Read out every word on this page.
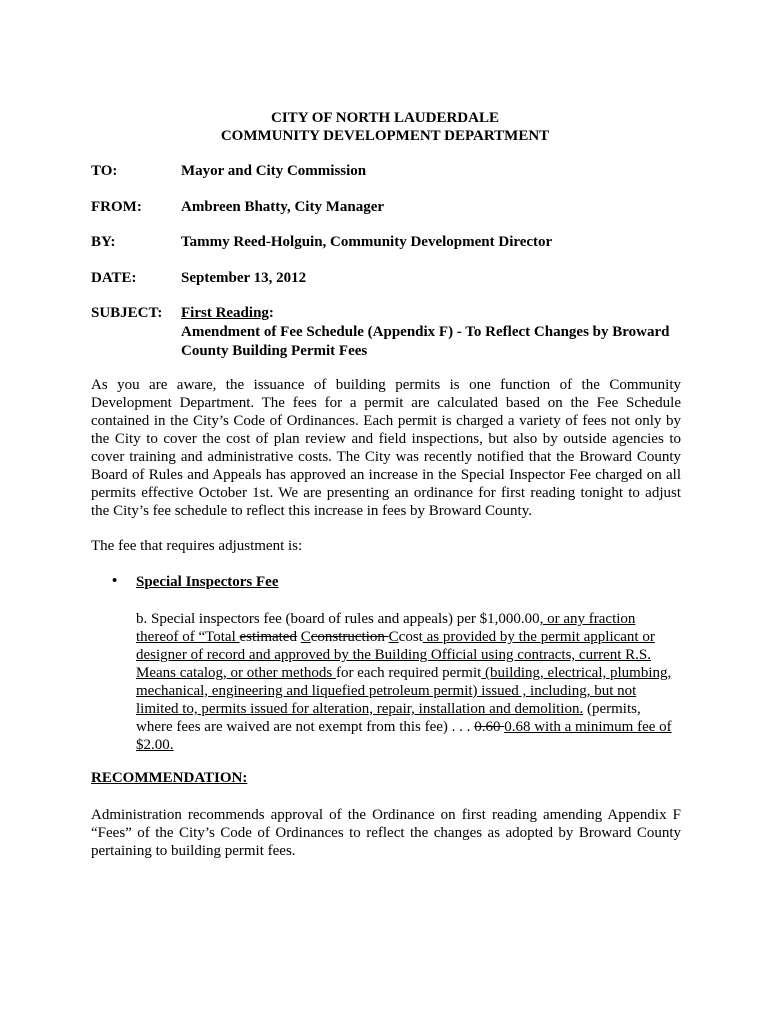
CITY OF NORTH LAUDERDALE
COMMUNITY DEVELOPMENT DEPARTMENT
TO:	Mayor and City Commission
FROM:	Ambreen Bhatty, City Manager
BY:	Tammy Reed-Holguin, Community Development Director
DATE:	September 13, 2012
SUBJECT:	First Reading:
Amendment of Fee Schedule (Appendix F) - To Reflect Changes by Broward
County Building Permit Fees
As you are aware, the issuance of building permits is one function of the Community
Development Department. The fees for a permit are calculated based on the Fee Schedule
contained in the City’s Code of Ordinances. Each permit is charged a variety of fees not only by
the City to cover the cost of plan review and field inspections, but also by outside agencies to
cover training and administrative costs. The City was recently notified that the Broward County
Board of Rules and Appeals has approved an increase in the Special Inspector Fee charged on all
permits effective October 1st. We are presenting an ordinance for first reading tonight to adjust
the City’s fee schedule to reflect this increase in fees by Broward County.
The fee that requires adjustment is:
• Special Inspectors Fee
b. Special inspectors fee (board of rules and appeals) per $1,000.00, or any fraction
thereof of “Total estimated Cconstruction Ccost as provided by the permit applicant or
designer of record and approved by the Building Official using contracts, current R.S.
Means catalog, or other methods for each required permit (building, electrical, plumbing,
mechanical, engineering and liquefied petroleum permit) issued , including, but not
limited to, permits issued for alteration, repair, installation and demolition. (permits,
where fees are waived are not exempt from this fee) . . . 0.60 0.68 with a minimum fee of
$2.00.
RECOMMENDATION:
Administration recommends approval of the Ordinance on first reading amending Appendix F
“Fees” of the City’s Code of Ordinances to reflect the changes as adopted by Broward County
pertaining to building permit fees.
